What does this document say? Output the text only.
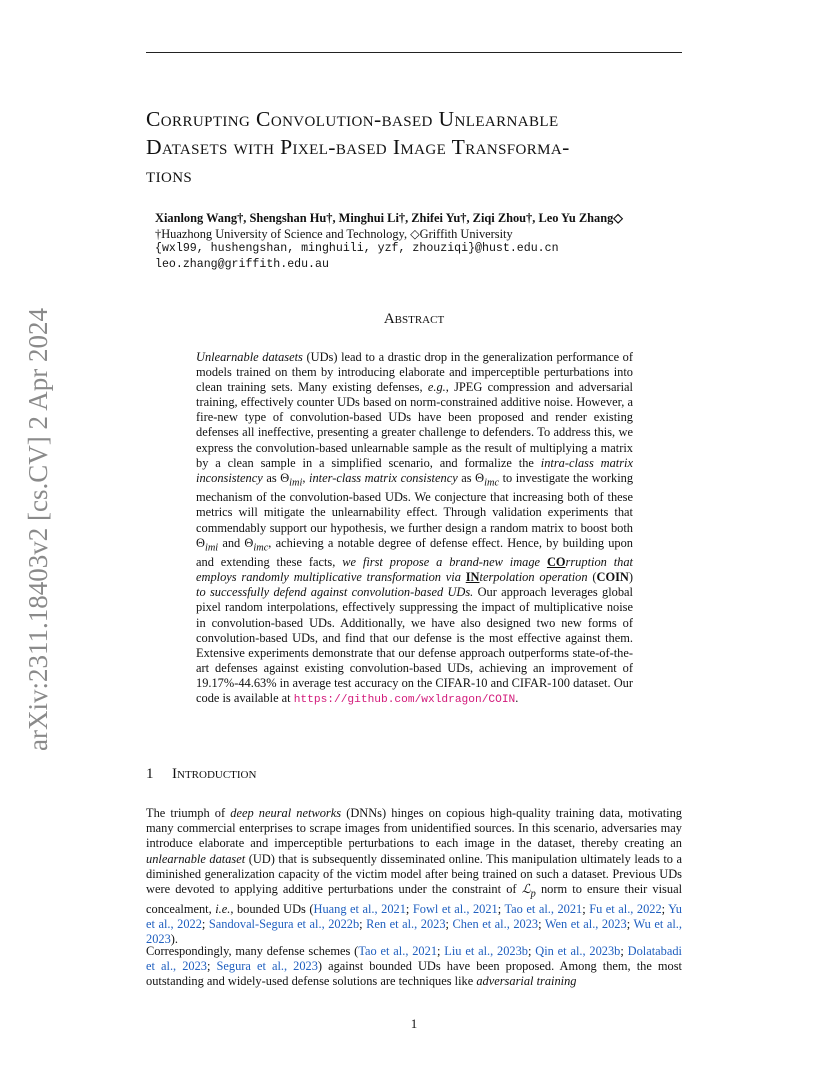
arXiv:2311.18403v2 [cs.CV] 2 Apr 2024
Corrupting Convolution-based Unlearnable
Datasets with Pixel-based Image Transforma-
tions
Xianlong Wang†, Shengshan Hu†, Minghui Li†, Zhifei Yu†, Ziqi Zhou†, Leo Yu Zhang◇
†Huazhong University of Science and Technology, ◇Griffith University
{wxl99, hushengshan, minghuili, yzf, zhouziqi}@hust.edu.cn
leo.zhang@griffith.edu.au
Abstract
Unlearnable datasets (UDs) lead to a drastic drop in the generalization performance of models trained on them by introducing elaborate and imperceptible perturbations into clean training sets. Many existing defenses, e.g., JPEG compression and adversarial training, effectively counter UDs based on norm-constrained additive noise. However, a fire-new type of convolution-based UDs have been proposed and render existing defenses all ineffective, presenting a greater challenge to defenders. To address this, we express the convolution-based unlearnable sample as the result of multiplying a matrix by a clean sample in a simplified scenario, and formalize the intra-class matrix inconsistency as $\Theta_{imi}$, inter-class matrix consistency as $\Theta_{imc}$ to investigate the working mechanism of the convolution-based UDs. We conjecture that increasing both of these metrics will mitigate the unlearnability effect. Through validation experiments that commendably support our hypothesis, we further design a random matrix to boost both $\Theta_{imi}$ and $\Theta_{imc}$, achieving a notable degree of defense effect. Hence, by building upon and extending these facts, we first propose a brand-new image COrruption that employs randomly multiplicative transformation via INterpolation operation (COIN) to successfully defend against convolution-based UDs. Our approach leverages global pixel random interpolations, effectively suppressing the impact of multiplicative noise in convolution-based UDs. Additionally, we have also designed two new forms of convolution-based UDs, and find that our defense is the most effective against them. Extensive experiments demonstrate that our defense approach outperforms state-of-the-art defenses against existing convolution-based UDs, achieving an improvement of 19.17%-44.63% in average test accuracy on the CIFAR-10 and CIFAR-100 dataset. Our code is available at https://github.com/wxldragon/COIN.
1 Introduction
The triumph of deep neural networks (DNNs) hinges on copious high-quality training data, motivating many commercial enterprises to scrape images from unidentified sources. In this scenario, adversaries may introduce elaborate and imperceptible perturbations to each image in the dataset, thereby creating an unlearnable dataset (UD) that is subsequently disseminated online. This manipulation ultimately leads to a diminished generalization capacity of the victim model after being trained on such a dataset. Previous UDs were devoted to applying additive perturbations under the constraint of ℒ$_p$ norm to ensure their visual concealment, i.e., bounded UDs (Huang et al., 2021; Fowl et al., 2021; Tao et al., 2021; Fu et al., 2022; Yu et al., 2022; Sandoval-Segura et al., 2022b; Ren et al., 2023; Chen et al., 2023; Wen et al., 2023; Wu et al., 2023).
Correspondingly, many defense schemes (Tao et al., 2021; Liu et al., 2023b; Qin et al., 2023b; Dolatabadi et al., 2023; Segura et al., 2023) against bounded UDs have been proposed. Among them, the most outstanding and widely-used defense solutions are techniques like adversarial training
1
